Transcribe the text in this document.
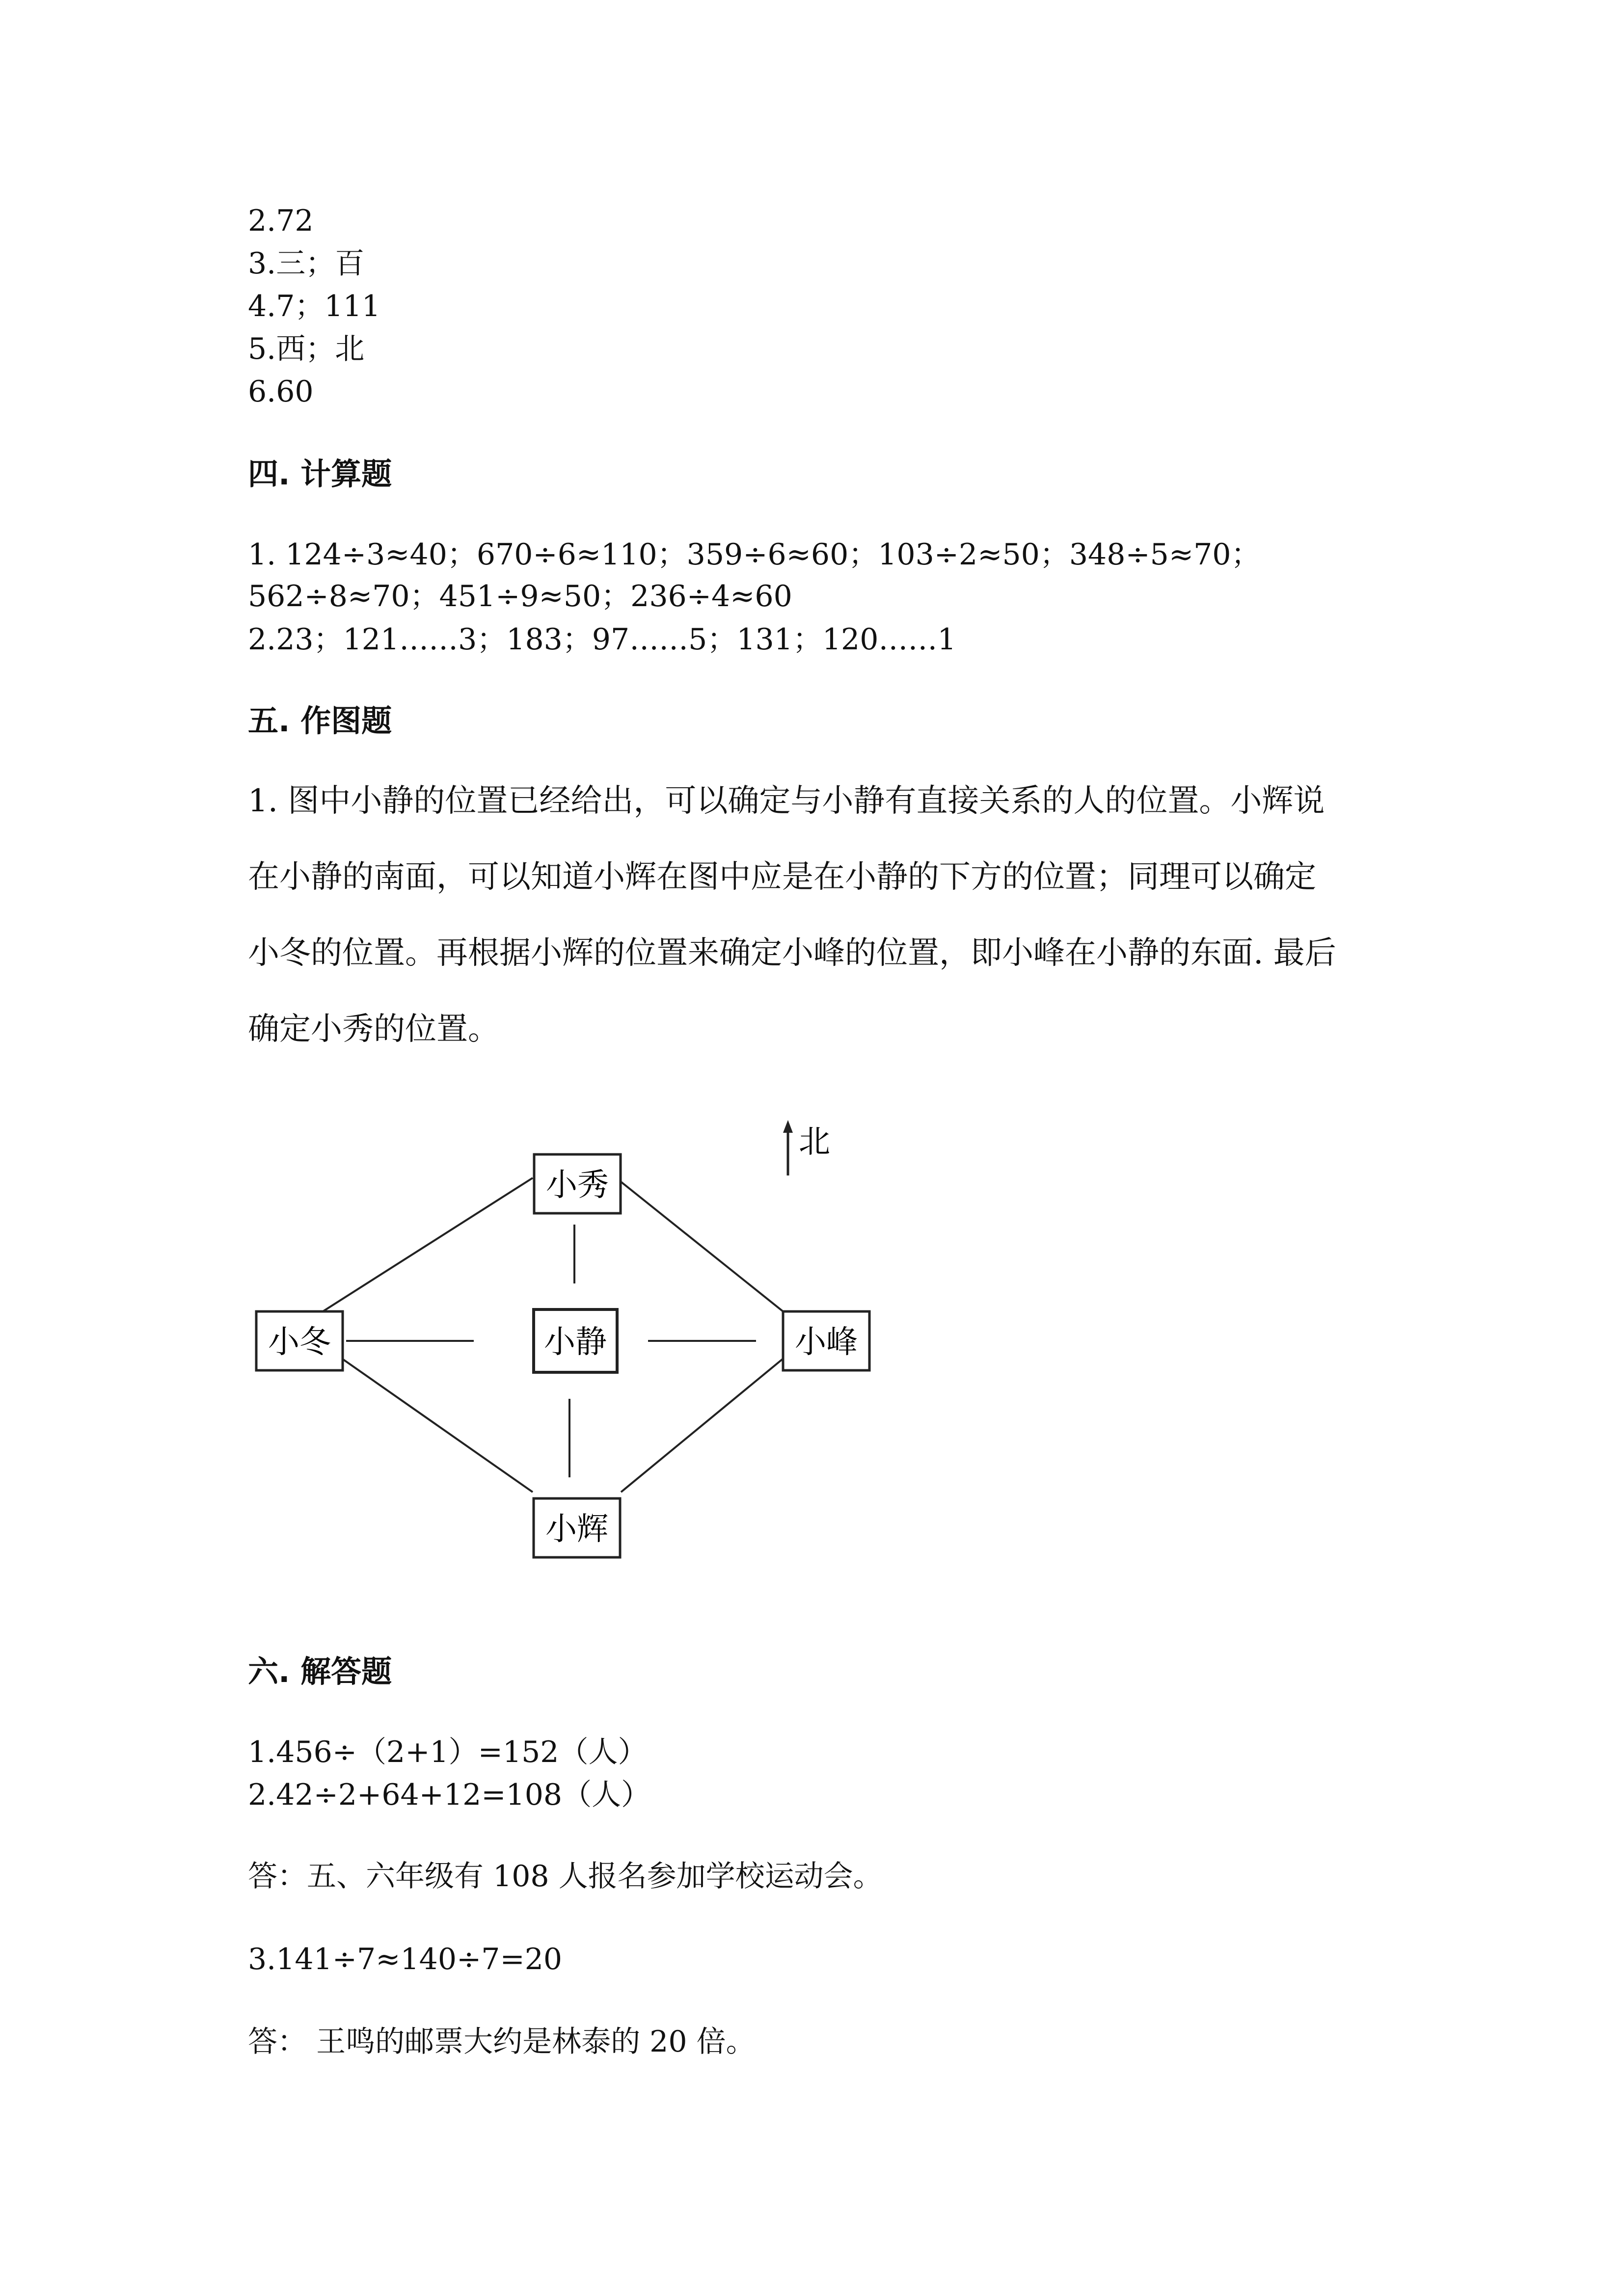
2.72
3.三；百
4.7；111
5.西；北
6.60
四. 计算题
1. 124÷3≈40；670÷6≈110；359÷6≈60；103÷2≈50；348÷5≈70；
562÷8≈70；451÷9≈50；236÷4≈60
2.23；121……3；183；97……5；131；120……1
五. 作图题
1. 图中小静的位置已经给出，可以确定与小静有直接关系的人的位置。小辉说
在小静的南面，可以知道小辉在图中应是在小静的下方的位置；同理可以确定
小冬的位置。再根据小辉的位置来确定小峰的位置，即小峰在小静的东面. 最后
确定小秀的位置。
北
小秀
小冬	小静	小峰
小辉
六. 解答题
1.456÷（2+1）=152（人）
2.42÷2+64+12=108（人）
答：五、六年级有 108 人报名参加学校运动会。
3.141÷7≈140÷7=20
答： 王鸣的邮票大约是林泰的 20 倍。
